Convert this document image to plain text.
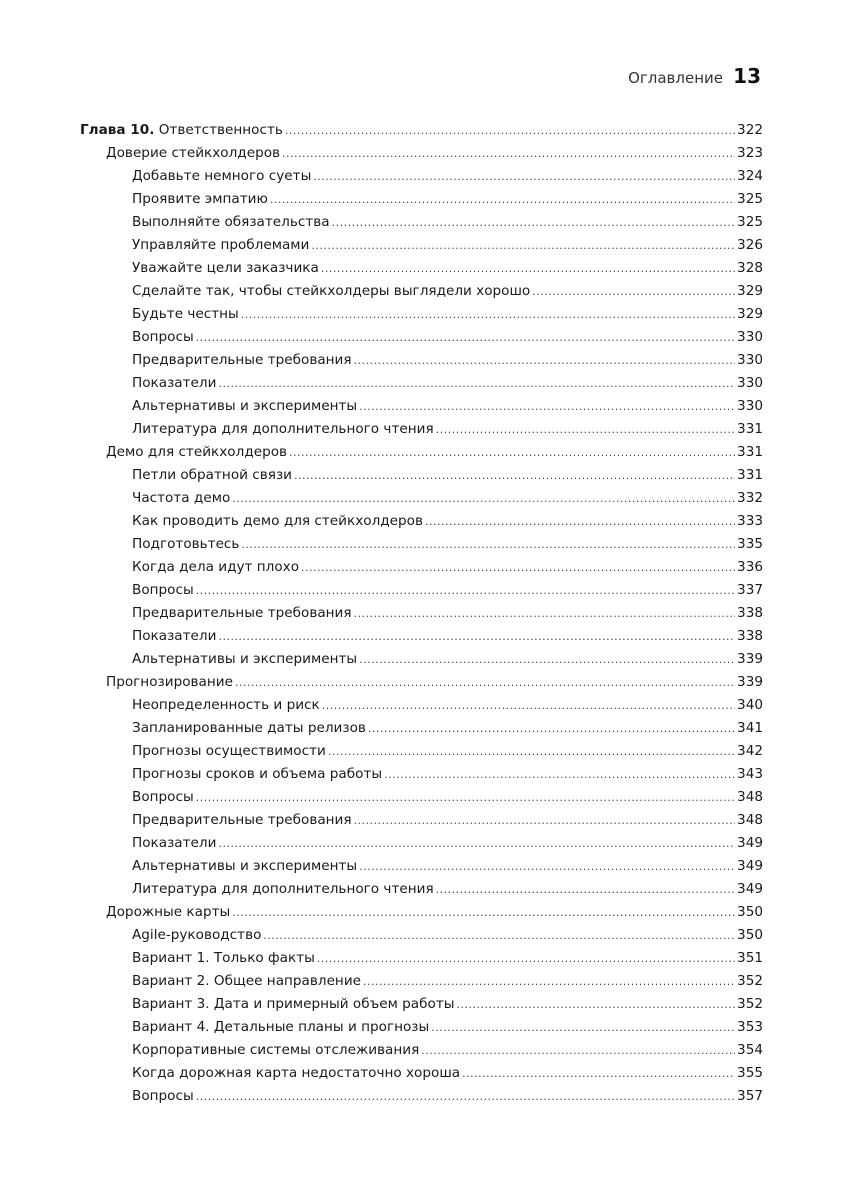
Оглавление 13
Глава 10. Ответственность .....	322
Доверие стейкхолдеров .....	323
Добавьте немного суеты .....	324
Проявите эмпатию .....	325
Выполняйте обязательства .....	325
Управляйте проблемами .....	326
Уважайте цели заказчика .....	328
Сделайте так, чтобы стейкхолдеры выглядели хорошо .....	329
Будьте честны .....	329
Вопросы .....	330
Предварительные требования .....	330
Показатели .....	330
Альтернативы и эксперименты .....	330
Литература для дополнительного чтения .....	331
Демо для стейкхолдеров .....	331
Петли обратной связи .....	331
Частота демо .....	332
Как проводить демо для стейкхолдеров .....	333
Подготовьтесь .....	335
Когда дела идут плохо .....	336
Вопросы .....	337
Предварительные требования .....	338
Показатели .....	338
Альтернативы и эксперименты .....	339
Прогнозирование .....	339
Неопределенность и риск .....	340
Запланированные даты релизов .....	341
Прогнозы осуществимости .....	342
Прогнозы сроков и объема работы .....	343
Вопросы .....	348
Предварительные требования .....	348
Показатели .....	349
Альтернативы и эксперименты .....	349
Литература для дополнительного чтения .....	349
Дорожные карты .....	350
Agile-руководство .....	350
Вариант 1. Только факты .....	351
Вариант 2. Общее направление .....	352
Вариант 3. Дата и примерный объем работы .....	352
Вариант 4. Детальные планы и прогнозы .....	353
Корпоративные системы отслеживания .....	354
Когда дорожная карта недостаточно хороша .....	355
Вопросы .....	357
